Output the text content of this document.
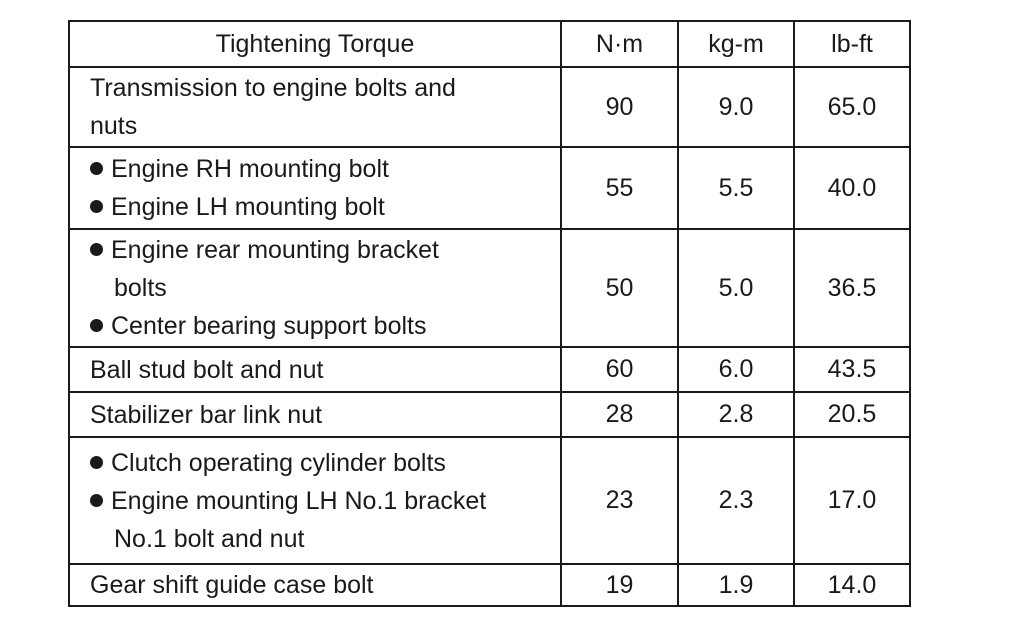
Tightening Torque	N·m	kg-m	lb-ft

Transmission to engine bolts and
nuts	90	9.0	65.0

Engine RH mounting bolt
Engine LH mounting bolt	55	5.5	40.0

Engine rear mounting bracket
bolts
Center bearing support bolts	50	5.0	36.5

Ball stud bolt and nut	60	6.0	43.5

Stabilizer bar link nut	28	2.8	20.5

Clutch operating cylinder bolts
Engine mounting LH No.1 bracket
No.1 bolt and nut	23	2.3	17.0

Gear shift guide case bolt	19	1.9	14.0
